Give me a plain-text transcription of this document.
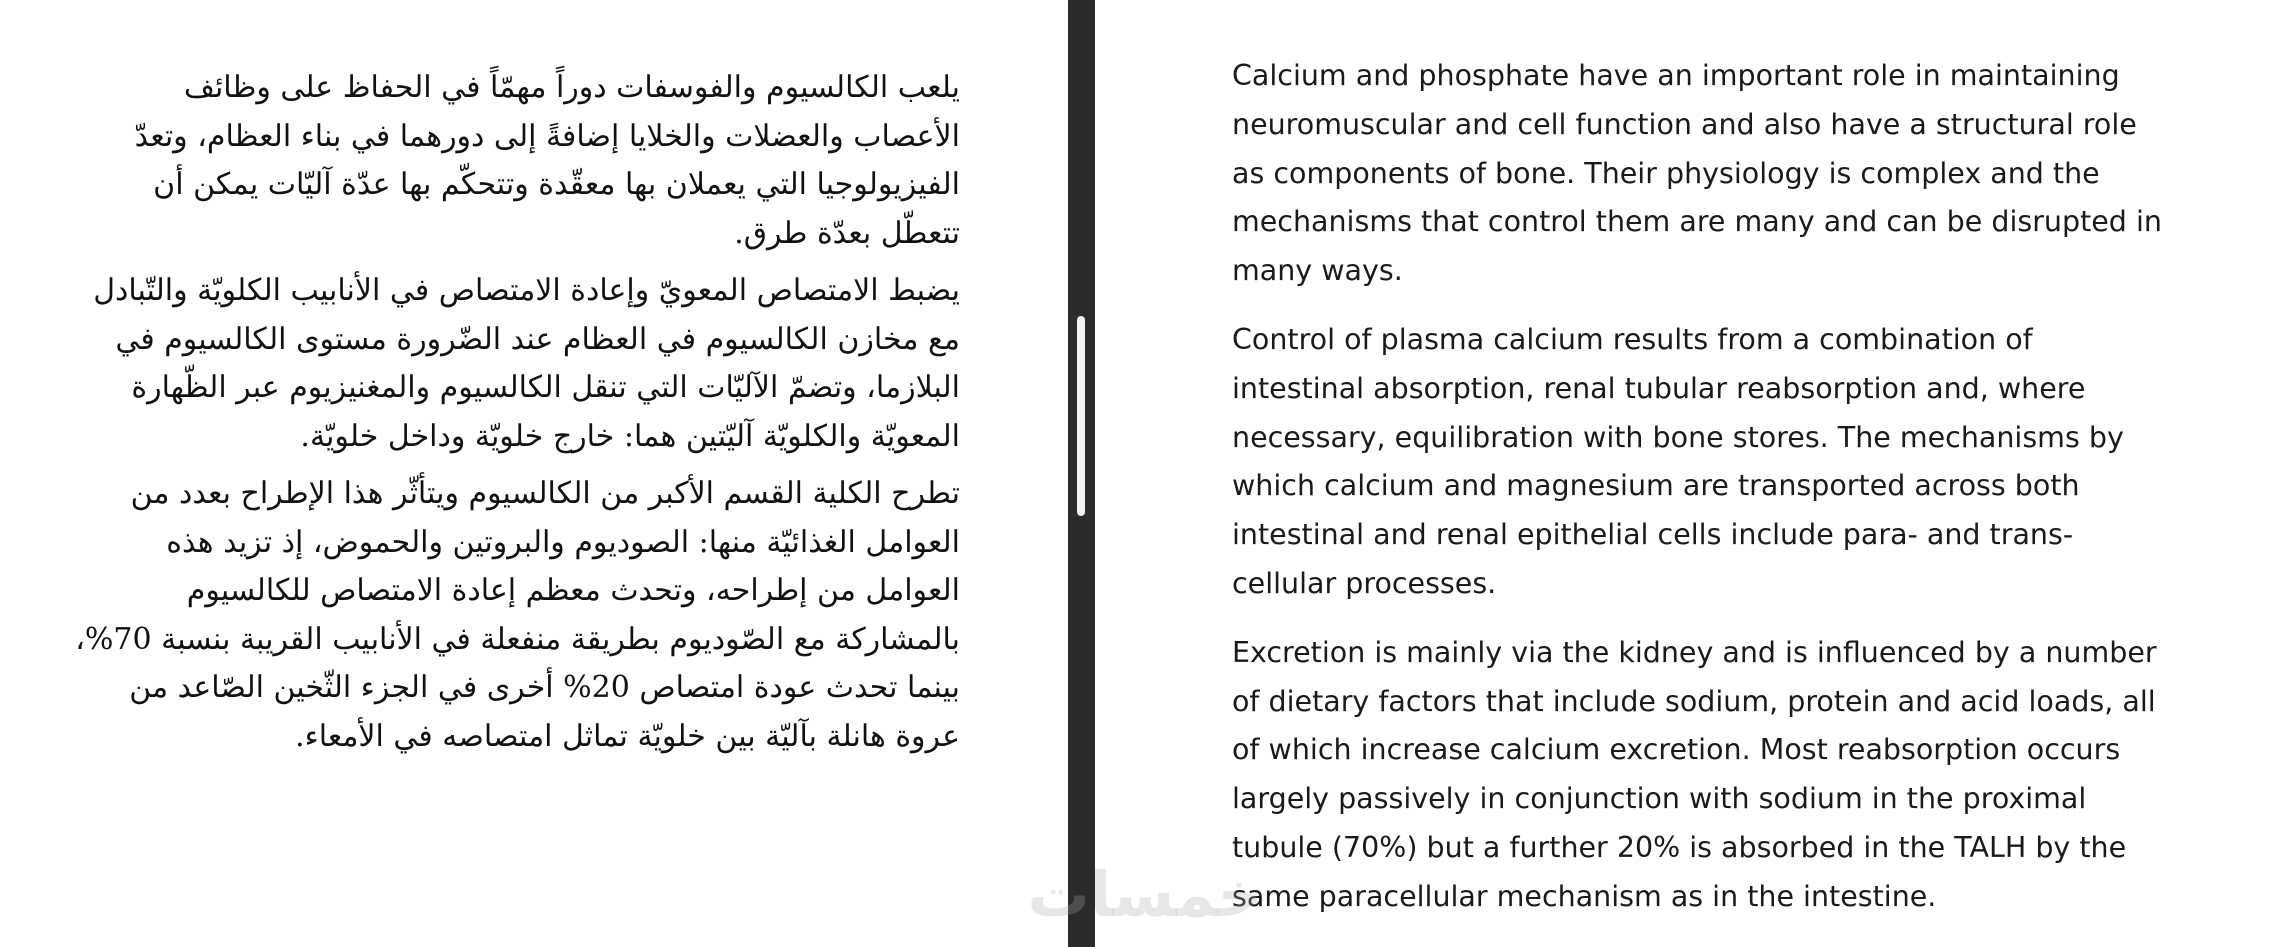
يلعب الكالسيوم والفوسفات دوراً مهمّاً في الحفاظ على وظائف الأعصاب والعضلات والخلايا إضافةً إلى دورهما في بناء العظام، وتعدّ الفيزيولوجيا التي يعملان بها معقّدة وتتحكّم بها عدّة آليّات يمكن أن تتعطّل بعدّة طرق.

يضبط الامتصاص المعويّ وإعادة الامتصاص في الأنابيب الكلويّة والتّبادل مع مخازن الكالسيوم في العظام عند الضّرورة مستوى الكالسيوم في البلازما، وتضمّ الآليّات التي تنقل الكالسيوم والمغنيزيوم عبر الظّهارة المعويّة والكلويّة آليّتين هما: خارج خلويّة وداخل خلويّة.

تطرح الكلية القسم الأكبر من الكالسيوم ويتأثّر هذا الإطراح بعدد من العوامل الغذائيّة منها: الصوديوم والبروتين والحموض، إذ تزيد هذه العوامل من إطراحه، وتحدث معظم إعادة الامتصاص للكالسيوم بالمشاركة مع الصّوديوم بطريقة منفعلة في الأنابيب القريبة بنسبة 70%، بينما تحدث عودة امتصاص 20% أخرى في الجزء الثّخين الصّاعد من عروة هانلة بآليّة بين خلويّة تماثل امتصاصه في الأمعاء.

Calcium and phosphate have an important role in maintaining neuromuscular and cell function and also have a structural role as components of bone. Their physiology is complex and the mechanisms that control them are many and can be disrupted in many ways.

Control of plasma calcium results from a combination of intestinal absorption, renal tubular reabsorption and, where necessary, equilibration with bone stores. The mechanisms by which calcium and magnesium are transported across both intestinal and renal epithelial cells include para- and trans-cellular processes.

Excretion is mainly via the kidney and is influenced by a number of dietary factors that include sodium, protein and acid loads, all of which increase calcium excretion. Most reabsorption occurs largely passively in conjunction with sodium in the proximal tubule (70%) but a further 20% is absorbed in the TALH by the same paracellular mechanism as in the intestine.

خمسات
